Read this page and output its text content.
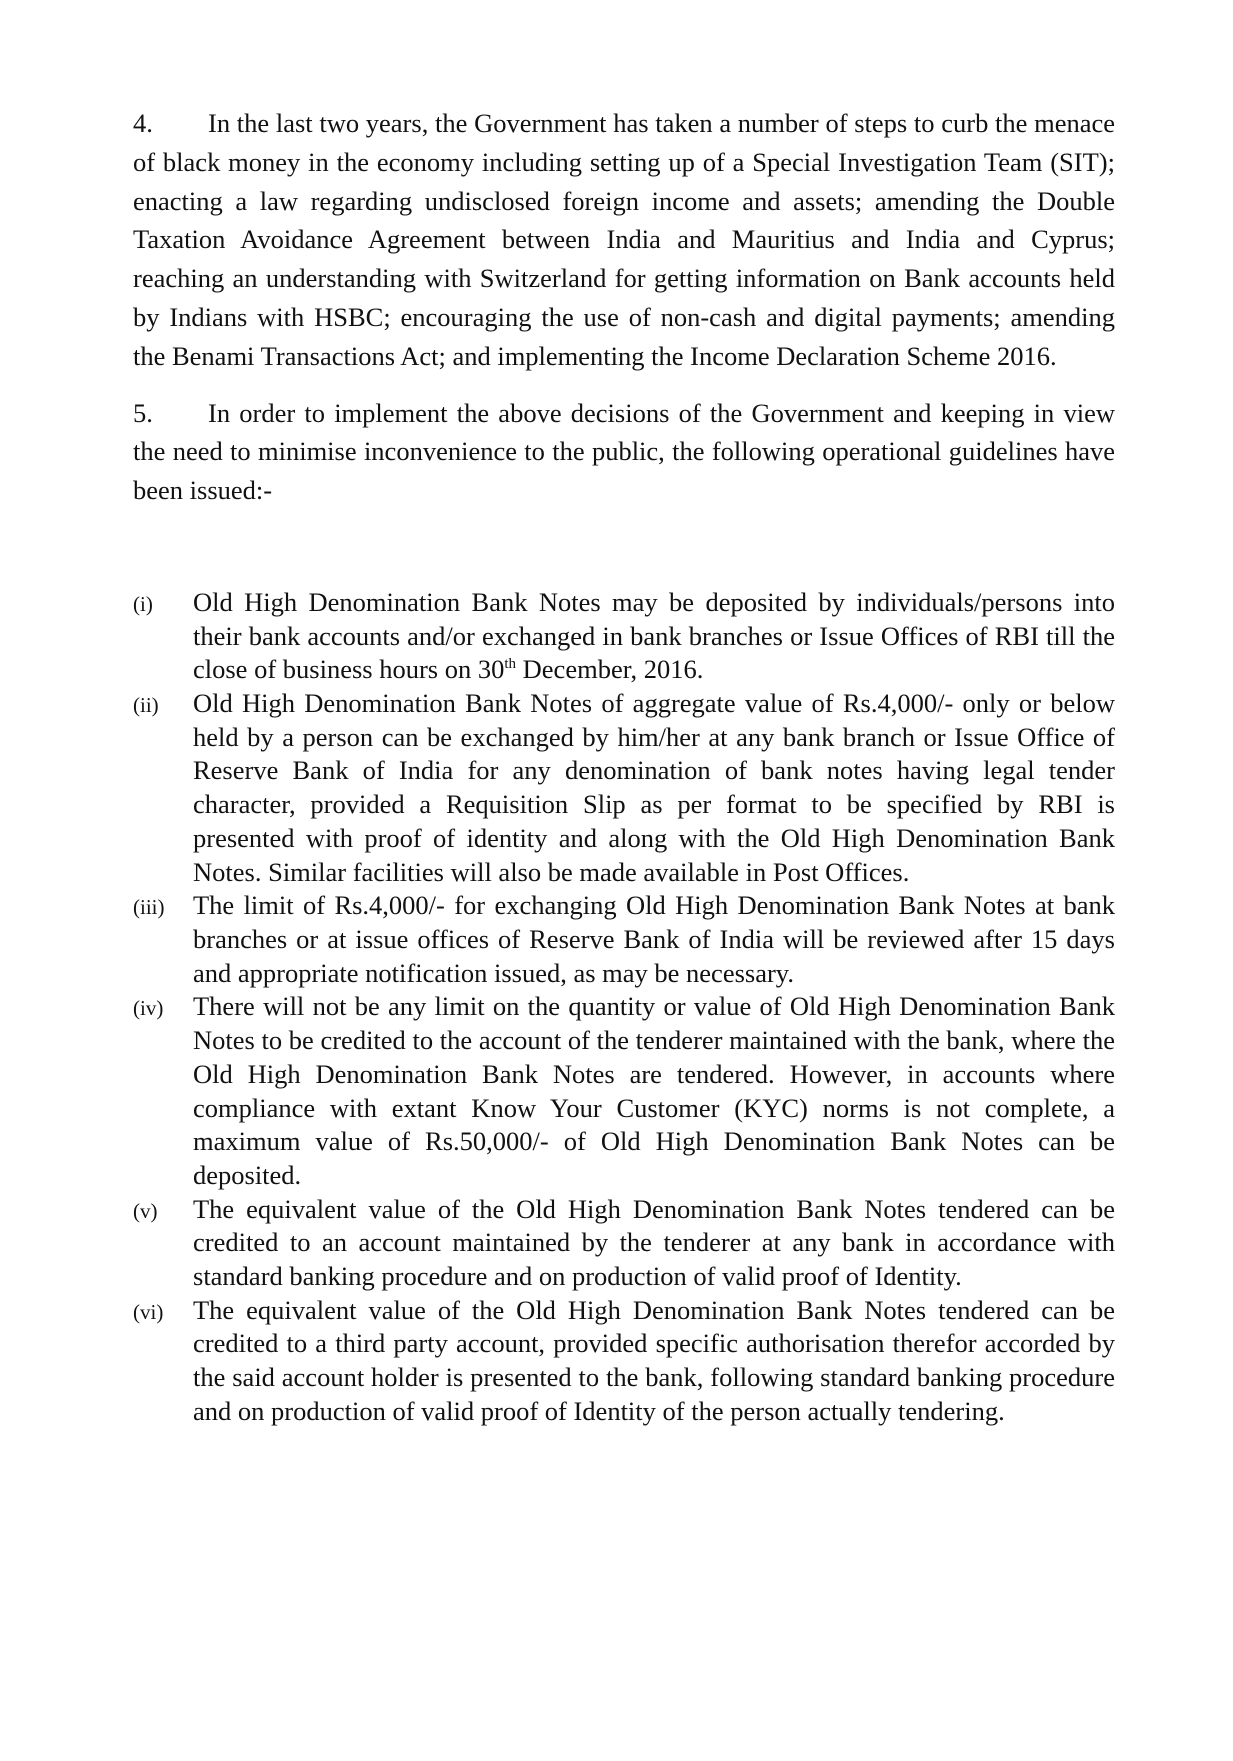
4. In the last two years, the Government has taken a number of steps to curb the menace of black money in the economy including setting up of a Special Investigation Team (SIT); enacting a law regarding undisclosed foreign income and assets; amending the Double Taxation Avoidance Agreement between India and Mauritius and India and Cyprus; reaching an understanding with Switzerland for getting information on Bank accounts held by Indians with HSBC; encouraging the use of non-cash and digital payments; amending the Benami Transactions Act; and implementing the Income Declaration Scheme 2016.

5. In order to implement the above decisions of the Government and keeping in view the need to minimise inconvenience to the public, the following operational guidelines have been issued:-

(i)	Old High Denomination Bank Notes may be deposited by individuals/persons into their bank accounts and/or exchanged in bank branches or Issue Offices of RBI till the close of business hours on 30th December, 2016.

(ii)	Old High Denomination Bank Notes of aggregate value of Rs.4,000/- only or below held by a person can be exchanged by him/her at any bank branch or Issue Office of Reserve Bank of India for any denomination of bank notes having legal tender character, provided a Requisition Slip as per format to be specified by RBI is presented with proof of identity and along with the Old High Denomination Bank Notes. Similar facilities will also be made available in Post Offices.

(iii)	The limit of Rs.4,000/- for exchanging Old High Denomination Bank Notes at bank branches or at issue offices of Reserve Bank of India will be reviewed after 15 days and appropriate notification issued, as may be necessary.

(iv)	There will not be any limit on the quantity or value of Old High Denomination Bank Notes to be credited to the account of the tenderer maintained with the bank, where the Old High Denomination Bank Notes are tendered. However, in accounts where compliance with extant Know Your Customer (KYC) norms is not complete, a maximum value of Rs.50,000/- of Old High Denomination Bank Notes can be deposited.

(v)	The equivalent value of the Old High Denomination Bank Notes tendered can be credited to an account maintained by the tenderer at any bank in accordance with standard banking procedure and on production of valid proof of Identity.

(vi)	The equivalent value of the Old High Denomination Bank Notes tendered can be credited to a third party account, provided specific authorisation therefor accorded by the said account holder is presented to the bank, following standard banking procedure and on production of valid proof of Identity of the person actually tendering.
